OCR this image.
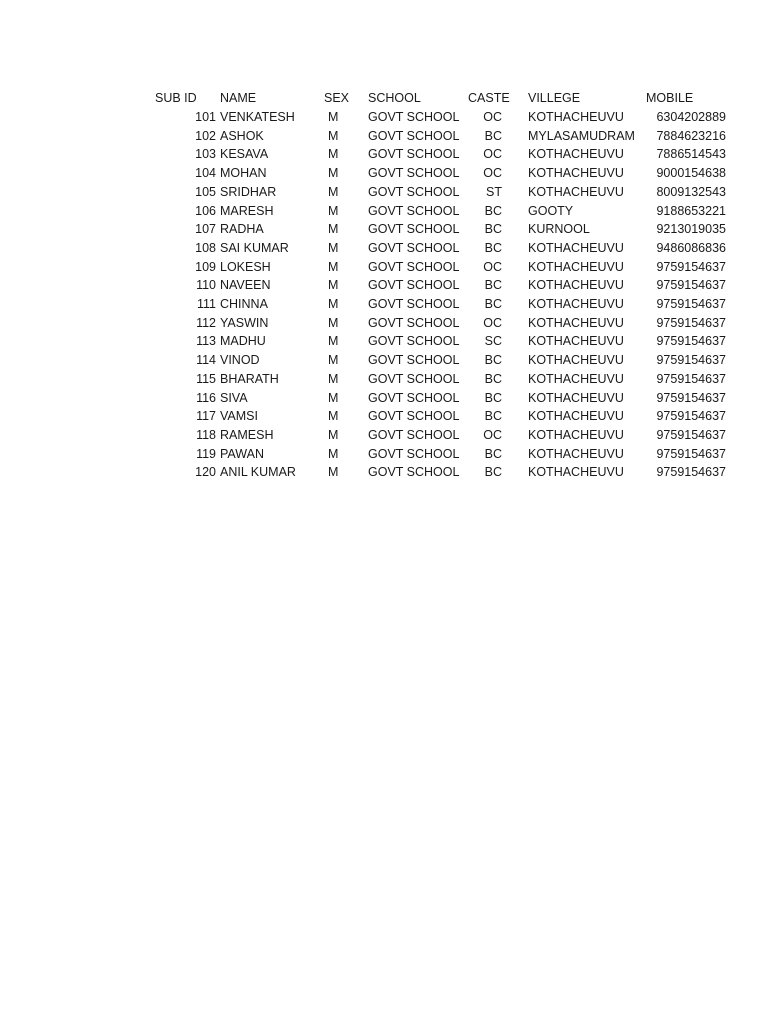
SUB ID	NAME	SEX	SCHOOL	CASTE	VILLEGE	MOBILE
101	VENKATESH	M	GOVT SCHOOL	OC	KOTHACHEUVU	6304202889
102	ASHOK	M	GOVT SCHOOL	BC	MYLASAMUDRAM	7884623216
103	KESAVA	M	GOVT SCHOOL	OC	KOTHACHEUVU	7886514543
104	MOHAN	M	GOVT SCHOOL	OC	KOTHACHEUVU	9000154638
105	SRIDHAR	M	GOVT SCHOOL	ST	KOTHACHEUVU	8009132543
106	MARESH	M	GOVT SCHOOL	BC	GOOTY	9188653221
107	RADHA	M	GOVT SCHOOL	BC	KURNOOL	9213019035
108	SAI KUMAR	M	GOVT SCHOOL	BC	KOTHACHEUVU	9486086836
109	LOKESH	M	GOVT SCHOOL	OC	KOTHACHEUVU	9759154637
110	NAVEEN	M	GOVT SCHOOL	BC	KOTHACHEUVU	9759154637
111	CHINNA	M	GOVT SCHOOL	BC	KOTHACHEUVU	9759154637
112	YASWIN	M	GOVT SCHOOL	OC	KOTHACHEUVU	9759154637
113	MADHU	M	GOVT SCHOOL	SC	KOTHACHEUVU	9759154637
114	VINOD	M	GOVT SCHOOL	BC	KOTHACHEUVU	9759154637
115	BHARATH	M	GOVT SCHOOL	BC	KOTHACHEUVU	9759154637
116	SIVA	M	GOVT SCHOOL	BC	KOTHACHEUVU	9759154637
117	VAMSI	M	GOVT SCHOOL	BC	KOTHACHEUVU	9759154637
118	RAMESH	M	GOVT SCHOOL	OC	KOTHACHEUVU	9759154637
119	PAWAN	M	GOVT SCHOOL	BC	KOTHACHEUVU	9759154637
120	ANIL KUMAR	M	GOVT SCHOOL	BC	KOTHACHEUVU	9759154637
